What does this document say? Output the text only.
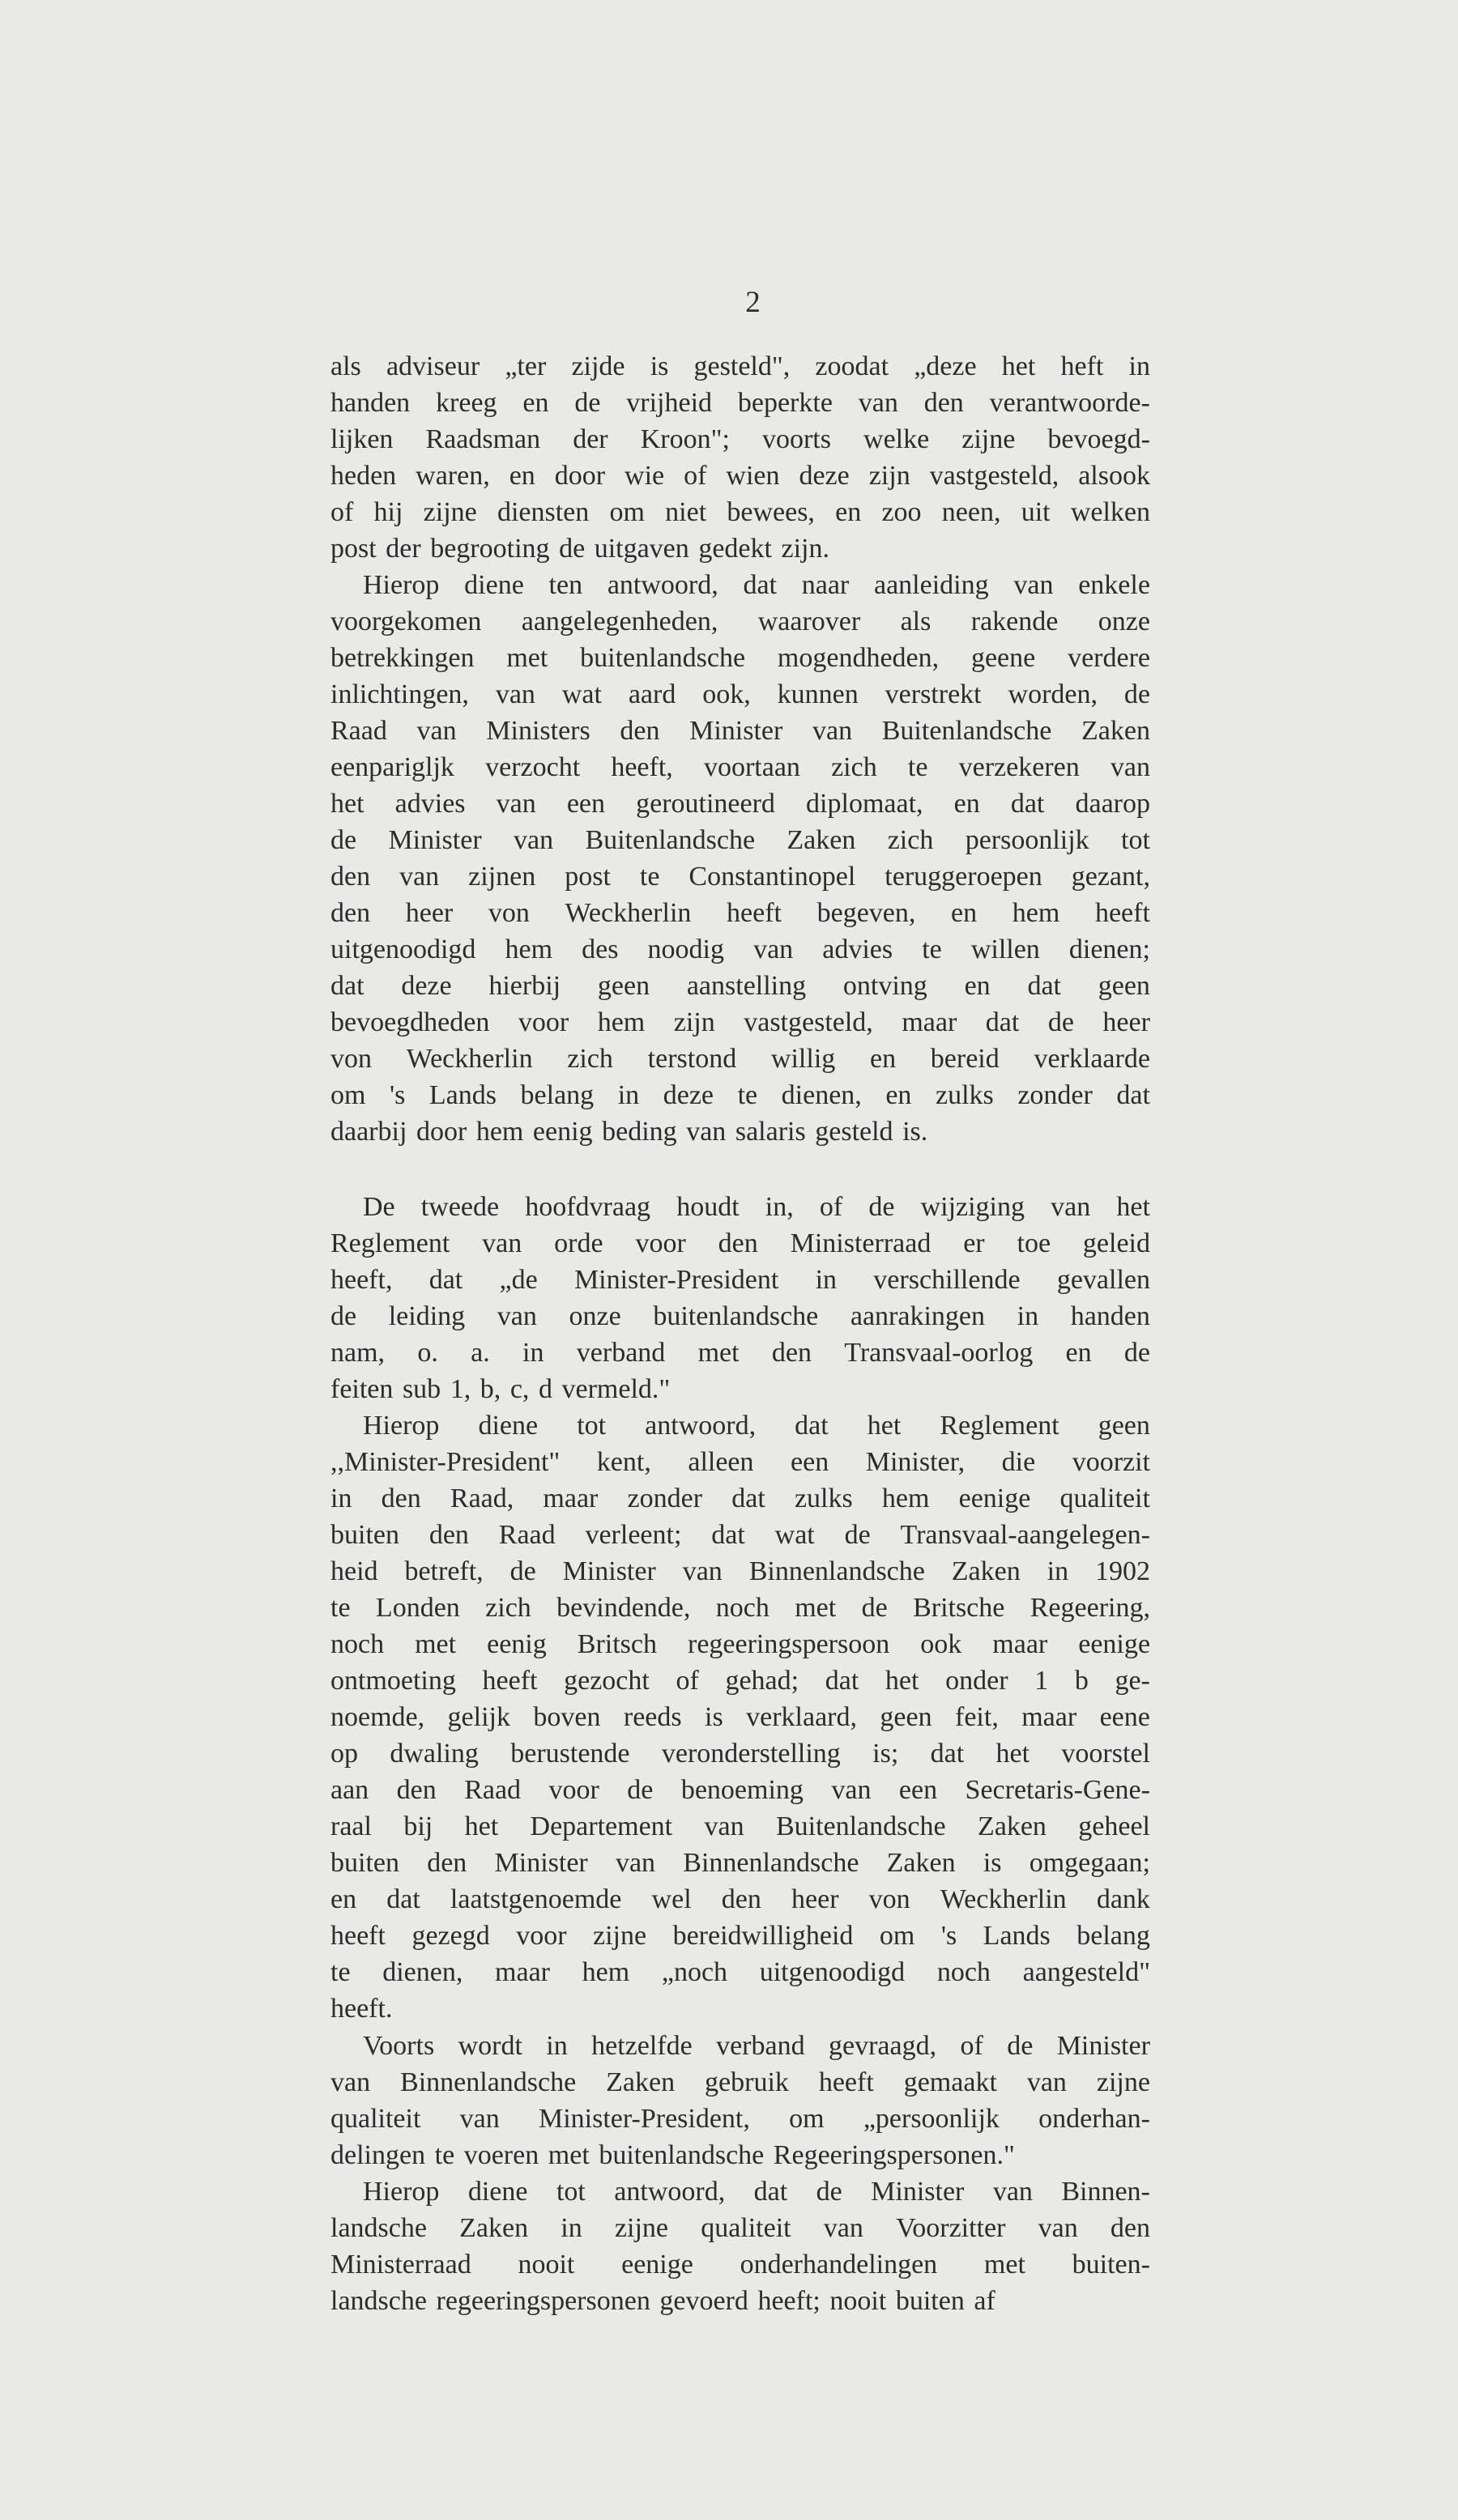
2
als adviseur „ter zijde is gesteld", zoodat „deze het heft in
handen kreeg en de vrijheid beperkte van den verantwoorde-
lijken Raadsman der Kroon"; voorts welke zijne bevoegd-
heden waren, en door wie of wien deze zijn vastgesteld, alsook
of hij zijne diensten om niet bewees, en zoo neen, uit welken
post der begrooting de uitgaven gedekt zijn.
Hierop diene ten antwoord, dat naar aanleiding van enkele
voorgekomen aangelegenheden, waarover als rakende onze
betrekkingen met buitenlandsche mogendheden, geene verdere
inlichtingen, van wat aard ook, kunnen verstrekt worden, de
Raad van Ministers den Minister van Buitenlandsche Zaken
eenparigljk verzocht heeft, voortaan zich te verzekeren van
het advies van een geroutineerd diplomaat, en dat daarop
de Minister van Buitenlandsche Zaken zich persoonlijk tot
den van zijnen post te Constantinopel teruggeroepen gezant,
den heer von Weckherlin heeft begeven, en hem heeft
uitgenoodigd hem des noodig van advies te willen dienen;
dat deze hierbij geen aanstelling ontving en dat geen
bevoegdheden voor hem zijn vastgesteld, maar dat de heer
von Weckherlin zich terstond willig en bereid verklaarde
om 's Lands belang in deze te dienen, en zulks zonder dat
daarbij door hem eenig beding van salaris gesteld is.
De tweede hoofdvraag houdt in, of de wijziging van het
Reglement van orde voor den Ministerraad er toe geleid
heeft, dat „de Minister-President in verschillende gevallen
de leiding van onze buitenlandsche aanrakingen in handen
nam, o. a. in verband met den Transvaal-oorlog en de
feiten sub 1, b, c, d vermeld."
Hierop diene tot antwoord, dat het Reglement geen
,,Minister-President" kent, alleen een Minister, die voorzit
in den Raad, maar zonder dat zulks hem eenige qualiteit
buiten den Raad verleent; dat wat de Transvaal-aangelegen-
heid betreft, de Minister van Binnenlandsche Zaken in 1902
te Londen zich bevindende, noch met de Britsche Regeering,
noch met eenig Britsch regeeringspersoon ook maar eenige
ontmoeting heeft gezocht of gehad; dat het onder 1 b ge-
noemde, gelijk boven reeds is verklaard, geen feit, maar eene
op dwaling berustende veronderstelling is; dat het voorstel
aan den Raad voor de benoeming van een Secretaris-Gene-
raal bij het Departement van Buitenlandsche Zaken geheel
buiten den Minister van Binnenlandsche Zaken is omgegaan;
en dat laatstgenoemde wel den heer von Weckherlin dank
heeft gezegd voor zijne bereidwilligheid om 's Lands belang
te dienen, maar hem „noch uitgenoodigd noch aangesteld"
heeft.
Voorts wordt in hetzelfde verband gevraagd, of de Minister
van Binnenlandsche Zaken gebruik heeft gemaakt van zijne
qualiteit van Minister-President, om „persoonlijk onderhan-
delingen te voeren met buitenlandsche Regeeringspersonen."
Hierop diene tot antwoord, dat de Minister van Binnen-
landsche Zaken in zijne qualiteit van Voorzitter van den
Ministerraad nooit eenige onderhandelingen met buiten-
landsche regeeringspersonen gevoerd heeft; nooit buiten af
